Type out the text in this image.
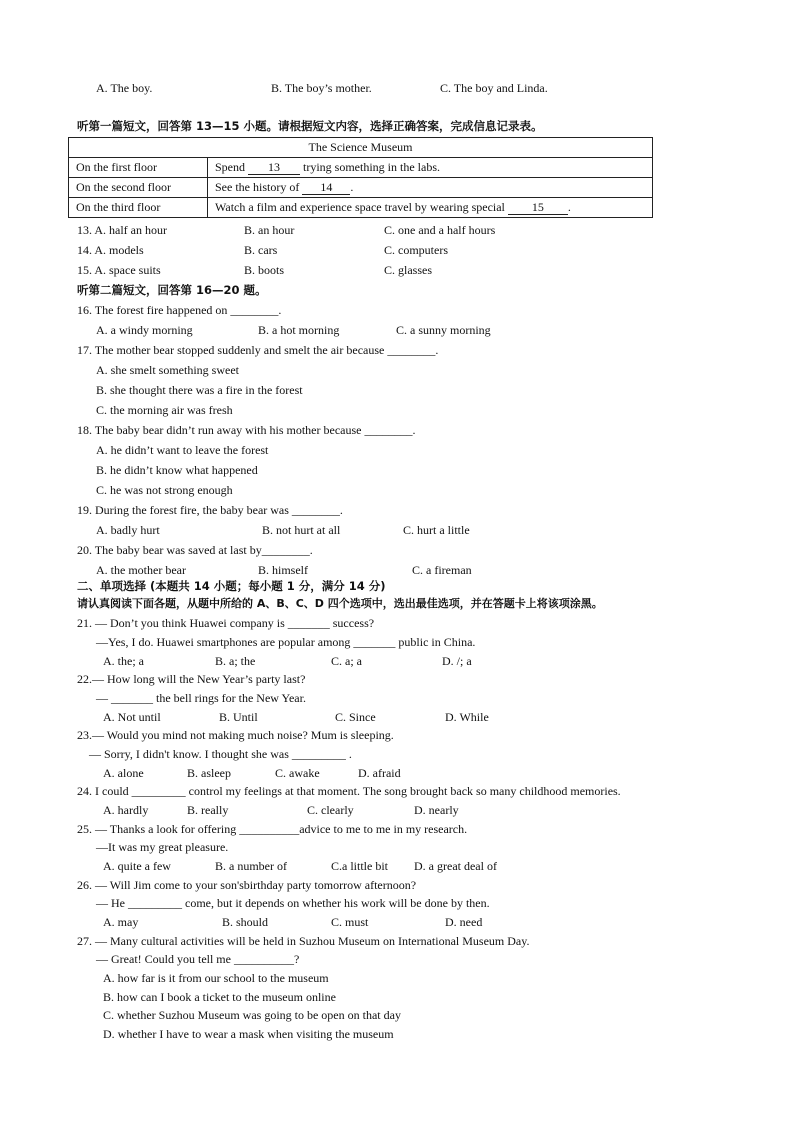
A. The boy.	B. The boy’s mother.	C. The boy and Linda.
听第一篇短文，回答第 13—15 小题。请根据短文内容，选择正确答案，完成信息记录表。
The Science Museum	
On the first floor	Spend 13 trying something in the labs.
On the second floor	See the history of 14 .
On the third floor	Watch a film and experience space travel by wearing special 15 .
13. A. half an hour	B. an hour	C. one and a half hours
14. A. models	B. cars	C. computers
15. A. space suits	B. boots	C. glasses
听第二篇短文，回答第 16—20 题。
16. The forest fire happened on ________.
A. a windy morning	B. a hot morning	C. a sunny morning
17. The mother bear stopped suddenly and smelt the air because ________.
A. she smelt something sweet
B. she thought there was a fire in the forest
C. the morning air was fresh
18. The baby bear didn’t run away with his mother because ________.
A. he didn’t want to leave the forest
B. he didn’t know what happened
C. he was not strong enough
19. During the forest fire, the baby bear was ________.
A. badly hurt	B. not hurt at all	C. hurt a little
20. The baby bear was saved at last by________.
A. the mother bear	B. himself	C. a fireman
二、单项选择 (本题共 14 小题；每小题 1 分，满分 14 分)
请认真阅读下面各题，从题中所给的 A、B、C、D 四个选项中，选出最佳选项，并在答题卡上将该项涂黑。
21. — Don’t you think Huawei company is _______ success?
—Yes, I do. Huawei smartphones are popular among _______ public in China.
A. the; a	B. a; the	C. a; a	D. /; a
22.— How long will the New Year’s party last?
— _______ the bell rings for the New Year.
A. Not until	B. Until	C. Since	D. While
23.— Would you mind not making much noise? Mum is sleeping.
— Sorry, I didn't know. I thought she was _________ .
A. alone	B. asleep	C. awake	D. afraid
24. I could _________ control my feelings at that moment. The song brought back so many childhood memories.
A. hardly	B. really	C. clearly	D. nearly
25. — Thanks a look for offering __________advice to me to me in my research.
—It was my great pleasure.
A. quite a few	B. a number of	C.a little bit D. a great deal of
26. — Will Jim come to your son'sbirthday party tomorrow afternoon?
— He _________ come, but it depends on whether his work will be done by then.
A. may	B. should	C. must	D. need
27. — Many cultural activities will be held in Suzhou Museum on International Museum Day.
— Great! Could you tell me __________?
A. how far is it from our school to the museum
B. how can I book a ticket to the museum online
C. whether Suzhou Museum was going to be open on that day
D. whether I have to wear a mask when visiting the museum
